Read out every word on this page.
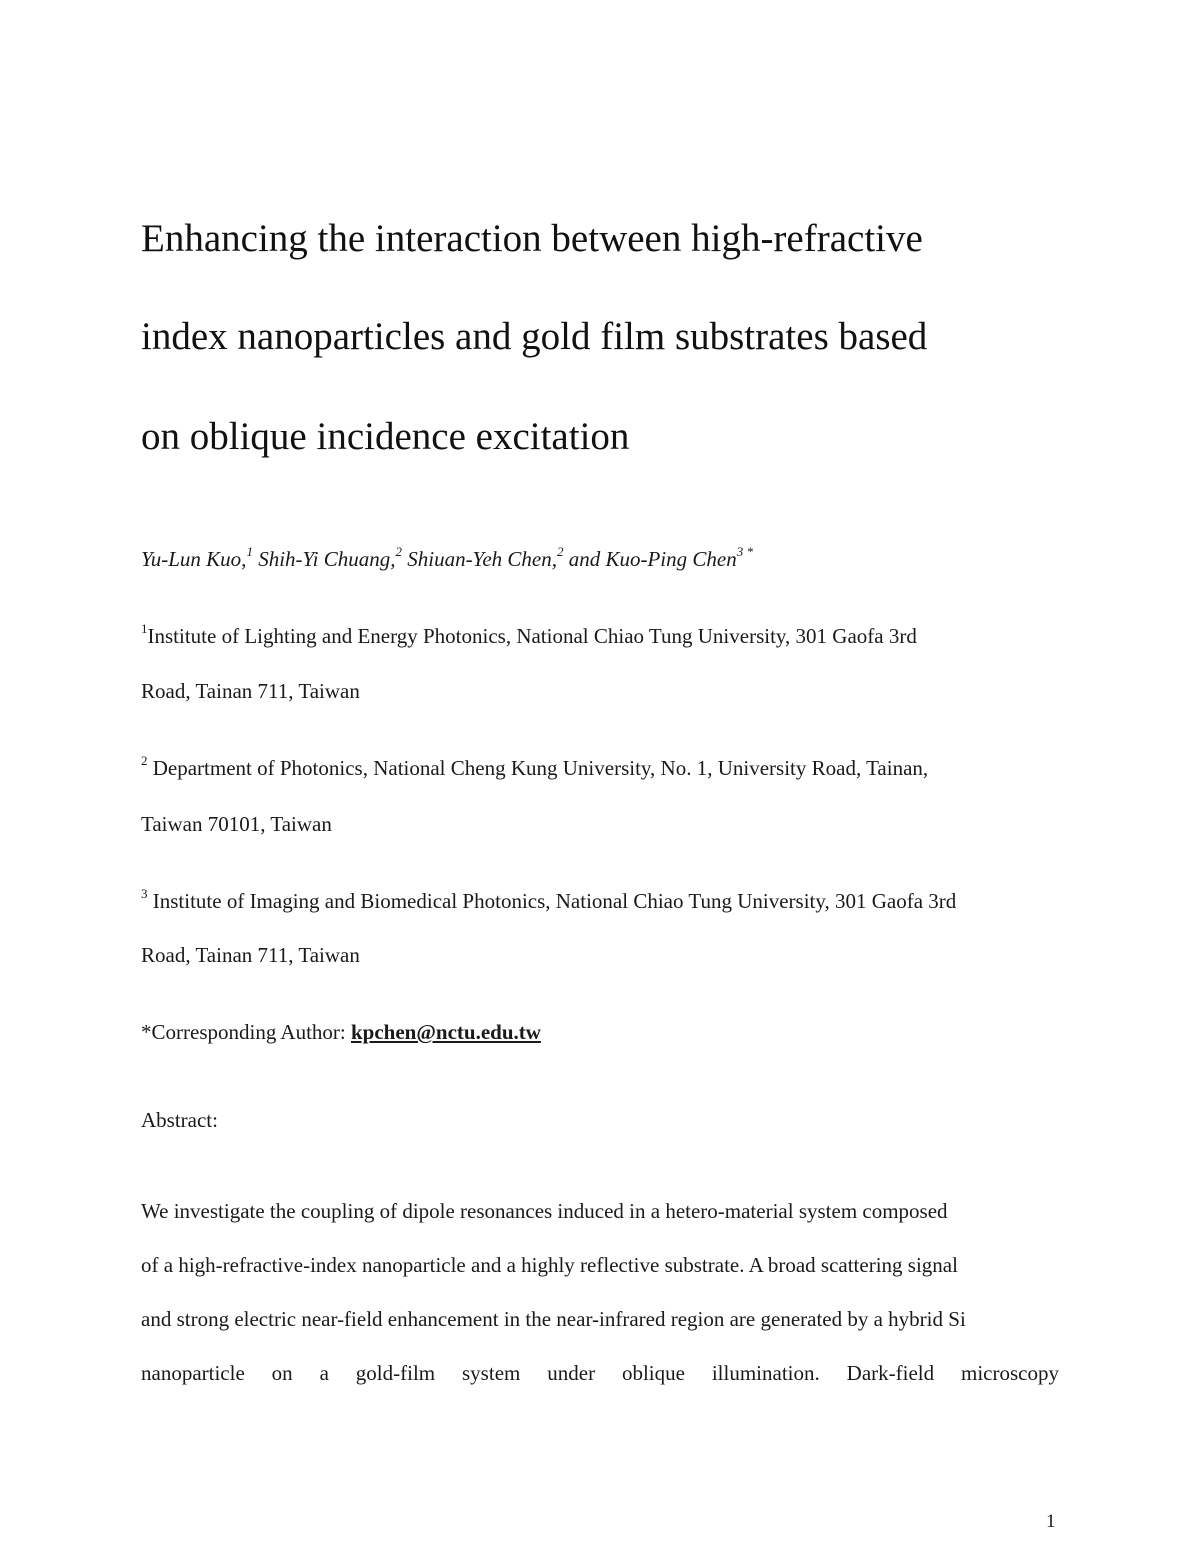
Enhancing the interaction between high-refractive
index nanoparticles and gold film substrates based
on oblique incidence excitation
Yu-Lun Kuo,$^1$ Shih-Yi Chuang,$^2$ Shiuan-Yeh Chen,$^2$ and Kuo-Ping Chen$^{3 *}$
$^1$Institute of Lighting and Energy Photonics, National Chiao Tung University, 301 Gaofa 3rd
Road, Tainan 711, Taiwan
$^2$ Department of Photonics, National Cheng Kung University, No. 1, University Road, Tainan,
Taiwan 70101, Taiwan
$^3$ Institute of Imaging and Biomedical Photonics, National Chiao Tung University, 301 Gaofa 3rd
Road, Tainan 711, Taiwan
*Corresponding Author: kpchen@nctu.edu.tw
Abstract:
We investigate the coupling of dipole resonances induced in a hetero-material system composed
of a high-refractive-index nanoparticle and a highly reflective substrate. A broad scattering signal
and strong electric near-field enhancement in the near-infrared region are generated by a hybrid Si
nanoparticle on a gold-film system under oblique illumination. Dark-field microscopy
1
